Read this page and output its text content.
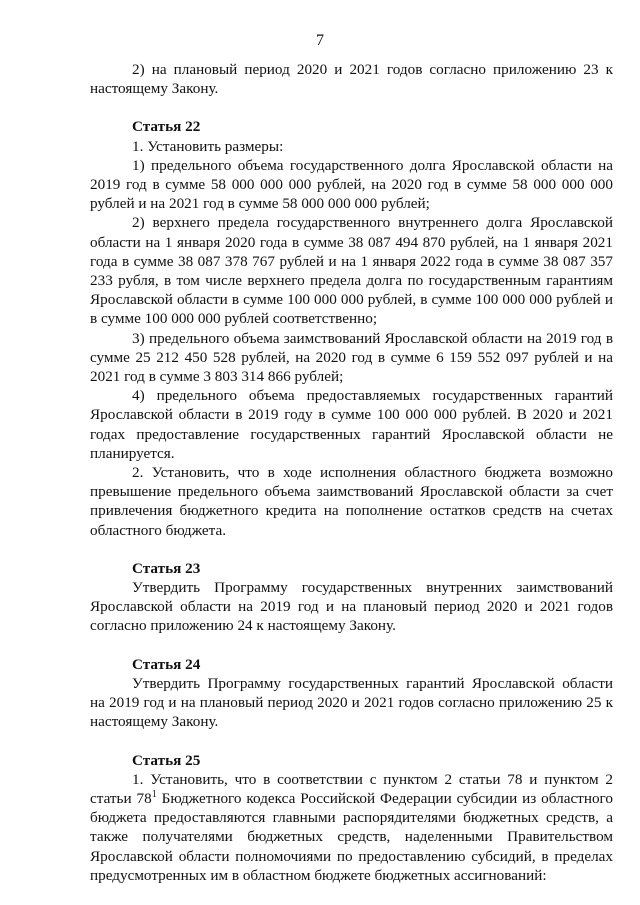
7

2) на плановый период 2020 и 2021 годов согласно приложению 23 к настоящему Закону.

Статья 22

1. Установить размеры:

1) предельного объема государственного долга Ярославской области на 2019 год в сумме 58 000 000 000 рублей, на 2020 год в сумме 58 000 000 000 рублей и на 2021 год в сумме 58 000 000 000 рублей;

2) верхнего предела государственного внутреннего долга Ярославской области на 1 января 2020 года в сумме 38 087 494 870 рублей, на 1 января 2021 года в сумме 38 087 378 767 рублей и на 1 января 2022 года в сумме 38 087 357 233 рубля, в том числе верхнего предела долга по государственным гарантиям Ярославской области в сумме 100 000 000 рублей, в сумме 100 000 000 рублей и в сумме 100 000 000 рублей соответственно;

3) предельного объема заимствований Ярославской области на 2019 год в сумме 25 212 450 528 рублей, на 2020 год в сумме 6 159 552 097 рублей и на 2021 год в сумме 3 803 314 866 рублей;

4) предельного объема предоставляемых государственных гарантий Ярославской области в 2019 году в сумме 100 000 000 рублей. В 2020 и 2021 годах предоставление государственных гарантий Ярославской области не планируется.

2. Установить, что в ходе исполнения областного бюджета возможно превышение предельного объема заимствований Ярославской области за счет привлечения бюджетного кредита на пополнение остатков средств на счетах областного бюджета.

Статья 23

Утвердить Программу государственных внутренних заимствований Ярославской области на 2019 год и на плановый период 2020 и 2021 годов согласно приложению 24 к настоящему Закону.

Статья 24

Утвердить Программу государственных гарантий Ярославской области на 2019 год и на плановый период 2020 и 2021 годов согласно приложению 25 к настоящему Закону.

Статья 25

1. Установить, что в соответствии с пунктом 2 статьи 78 и пунктом 2 статьи $78^1$ Бюджетного кодекса Российской Федерации субсидии из областного бюджета предоставляются главными распорядителями бюджетных средств, а также получателями бюджетных средств, наделенными Правительством Ярославской области полномочиями по предоставлению субсидий, в пределах предусмотренных им в областном бюджете бюджетных ассигнований:
